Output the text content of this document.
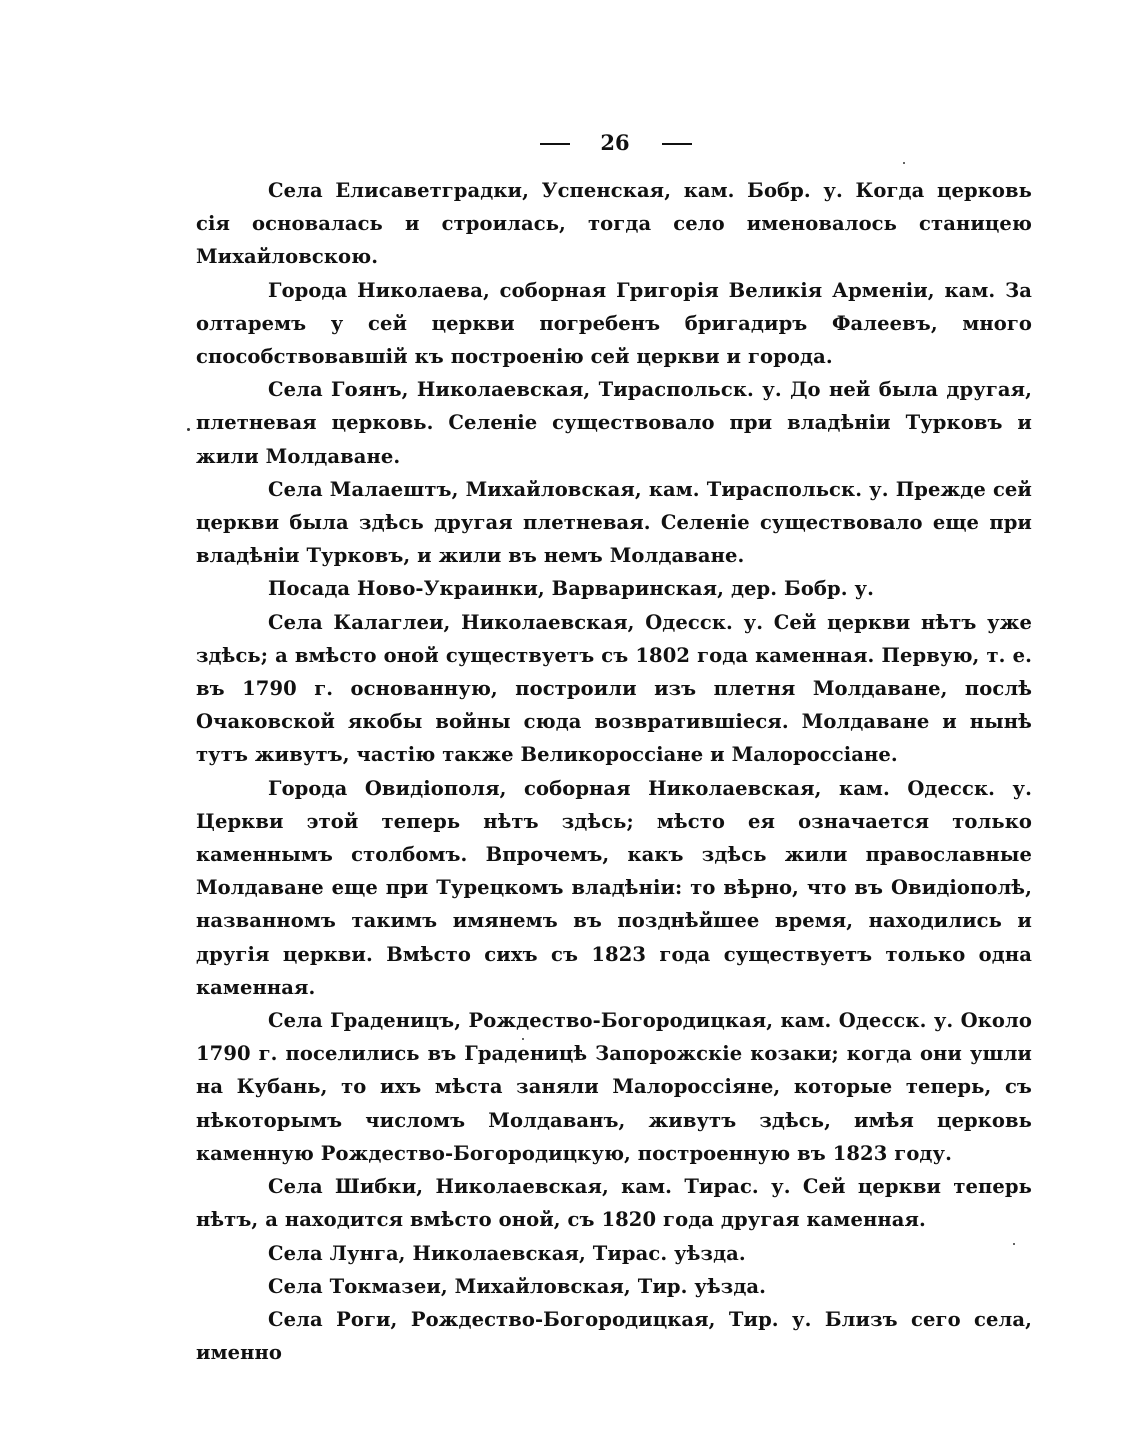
26

Села Елисаветградки, Успенская, кам. Бобр. у. Когда церковь сія основалась и строилась, тогда село именовалось станицею Михайловскою.

Города Николаева, соборная Григорія Великія Арменіи, кам. За олтаремъ у сей церкви погребенъ бригадиръ Фалеевъ, много способствовавшій къ построенію сей церкви и города.

Села Гоянъ, Николаевская, Тираспольск. у. До ней была другая, плетневая церковь. Селеніе существовало при владѣніи Турковъ и жили Молдаване.

Села Малаештъ, Михайловская, кам. Тираспольск. у. Прежде сей церкви была здѣсь другая плетневая. Селеніе существовало еще при владѣніи Турковъ, и жили въ немъ Молдаване.

Посада Ново-Украинки, Варваринская, дер. Бобр. у.

Села Калаглеи, Николаевская, Одесск. у. Сей церкви нѣтъ уже здѣсь; а вмѣсто оной существуетъ съ 1802 года каменная. Первую, т. е. въ 1790 г. основанную, построили изъ плетня Молдаване, послѣ Очаковской якобы войны сюда возвратившіеся. Молдаване и нынѣ тутъ живутъ, частію также Великороссіане и Малороссіане.

Города Овидіополя, соборная Николаевская, кам. Одесск. у. Церкви этой теперь нѣтъ здѣсь; мѣсто ея означается только каменнымъ столбомъ. Впрочемъ, какъ здѣсь жили православные Молдаване еще при Турецкомъ владѣніи: то вѣрно, что въ Овидіополѣ, названномъ такимъ имянемъ въ позднѣйшее время, находились и другія церкви. Вмѣсто сихъ съ 1823 года существуетъ только одна каменная.

Села Граденицъ, Рождество-Богородицкая, кам. Одесск. у. Около 1790 г. поселились въ Граденицѣ Запорожскіе козаки; когда они ушли на Кубань, то ихъ мѣста заняли Малороссіяне, которые теперь, съ нѣкоторымъ числомъ Молдаванъ, живутъ здѣсь, имѣя церковь каменную Рождество-Богородицкую, построенную въ 1823 году.

Села Шибки, Николаевская, кам. Тирас. у. Сей церкви теперь нѣтъ, а находится вмѣсто оной, съ 1820 года другая каменная.

Села Лунга, Николаевская, Тирас. уѣзда.

Села Токмазеи, Михайловская, Тир. уѣзда.

Села Роги, Рождество-Богородицкая, Тир. у. Близъ сего села, именно
